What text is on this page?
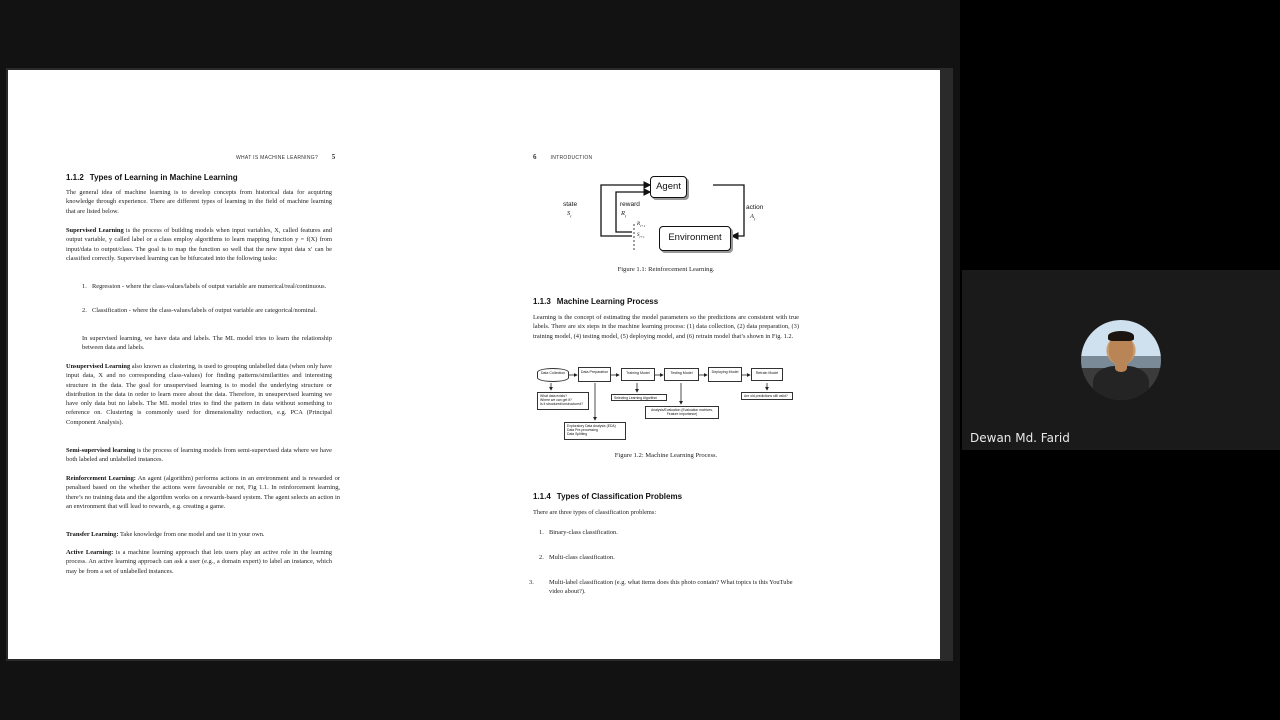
WHAT IS MACHINE LEARNING? 5
1.1.2 Types of Learning in Machine Learning
The general idea of machine learning is to develop concepts from historical data for acquiring knowledge through experience. There are different types of learning in the field of machine learning that are listed below.
Supervised Learning is the process of building models when input variables, X, called features and output variable, y called label or a class employ algorithms to learn mapping function y = f(X) from input/data to output/class. The goal is to map the function so well that the new input data x′ can be classified correctly. Supervised learning can be bifurcated into the following tasks:
1. Regression - where the class-values/labels of output variable are numerical/real/continuous.
2. Classification - where the class-values/labels of output variable are categorical/nominal.
In supervised learning, we have data and labels. The ML model tries to learn the relationship between data and labels.
Unsupervised Learning also known as clustering, is used to grouping unlabelled data (when only have input data, X and no corresponding class-values) for finding patterns/similarities and interesting structure in the data. The goal for unsupervised learning is to model the underlying structure or distribution in the data in order to learn more about the data. Therefore, in unsupervised learning we have only data but no labels. The ML model tries to find the pattern in data without something to reference on. Clustering is commonly used for dimensionality reduction, e.g. PCA (Principal Component Analysis).
Semi-supervised learning is the process of learning models from semi-supervised data where we have both labeled and unlabelled instances.
Reinforcement Learning: An agent (algorithm) performs actions in an environment and is rewarded or penalised based on the whether the actions were favourable or not, Fig 1.1. In reinforcement learning, there’s no training data and the algorithm works on a rewards-based system. The agent selects an action in an environment that will lead to rewards, e.g. creating a game.
Transfer Learning: Take knowledge from one model and use it in your own.
Active Learning: is a machine learning approach that lets users play an active role in the learning process. An active learning approach can ask a user (e.g., a domain expert) to label an instance, which may be from a set of unlabelled instances.
6	INTRODUCTION
Agent
Environment
state
$S_t$
reward
$R_t$
action
$A_t$
$R_{t+1}$
$S_{t+1}$
Figure 1.1: Reinforcement Learning.
1.1.3 Machine Learning Process
Learning is the concept of estimating the model parameters so the predictions are consistent with true labels. There are six steps in the machine learning process: (1) data collection, (2) data preparation, (3) training model, (4) testing model, (5) deploying model, and (6) retrain model that’s shown in Fig. 1.2.
Data Collection	Data Preparation	Training Model	Testing Model	Deploying Model	Retrain Model
What data exists?
Where we can get it?
Is it structured/unstructured?
Exploratory Data Analysis (EDA)
Data Pre-processing
Data Splitting
Selecting Learning Algorithm
Analysis/Evaluation (Evaluation matrices,
Feature importance)
Are old predictions still valid?
Figure 1.2: Machine Learning Process.
1.1.4 Types of Classification Problems
There are three types of classification problems:
1. Binary-class classification.
2. Multi-class classification.
3. Multi-label classification (e.g. what items does this photo contain? What topics is this YouTube video about?).
Dewan Md. Farid
